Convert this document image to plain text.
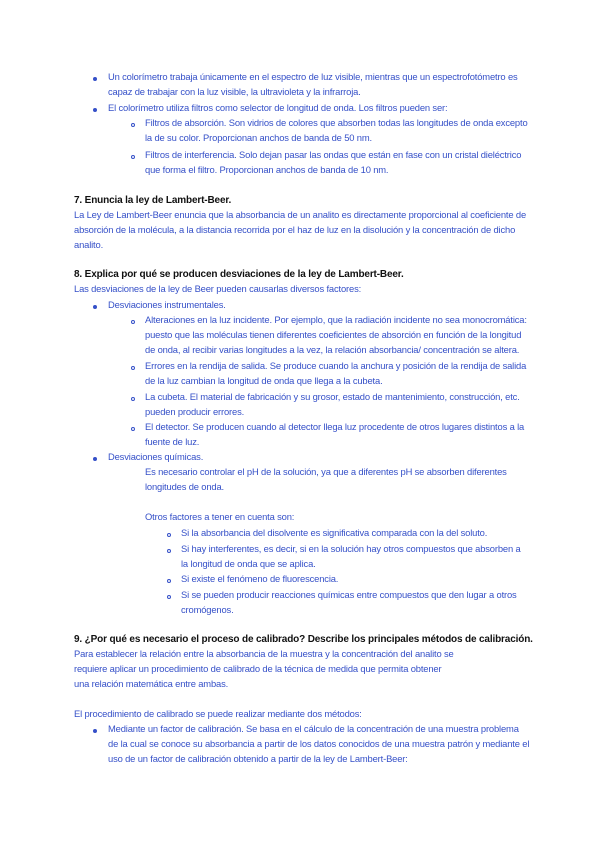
Un colorímetro trabaja únicamente en el espectro de luz visible, mientras que un espectrofotómetro es
capaz de trabajar con la luz visible, la ultravioleta y la infrarroja.
El colorímetro utiliza filtros como selector de longitud de onda. Los filtros pueden ser:
Filtros de absorción. Son vidrios de colores que absorben todas las longitudes de onda excepto
la de su color. Proporcionan anchos de banda de 50 nm.
Filtros de interferencia. Solo dejan pasar las ondas que están en fase con un cristal dieléctrico
que forma el filtro. Proporcionan anchos de banda de 10 nm.
7. Enuncia la ley de Lambert-Beer.
La Ley de Lambert-Beer enuncia que la absorbancia de un analito es directamente proporcional al coeficiente de
absorción de la molécula, a la distancia recorrida por el haz de luz en la disolución y la concentración de dicho
analito.
8. Explica por qué se producen desviaciones de la ley de Lambert-Beer.
Las desviaciones de la ley de Beer pueden causarlas diversos factores:
Desviaciones instrumentales.
Alteraciones en la luz incidente. Por ejemplo, que la radiación incidente no sea monocromática:
puesto que las moléculas tienen diferentes coeficientes de absorción en función de la longitud
de onda, al recibir varias longitudes a la vez, la relación absorbancia/ concentración se altera.
Errores en la rendija de salida. Se produce cuando la anchura y posición de la rendija de salida
de la luz cambian la longitud de onda que llega a la cubeta.
La cubeta. El material de fabricación y su grosor, estado de mantenimiento, construcción, etc.
pueden producir errores.
El detector. Se producen cuando al detector llega luz procedente de otros lugares distintos a la
fuente de luz.
Desviaciones químicas.
Es necesario controlar el pH de la solución, ya que a diferentes pH se absorben diferentes
longitudes de onda.
Otros factores a tener en cuenta son:
Si la absorbancia del disolvente es significativa comparada con la del soluto.
Si hay interferentes, es decir, si en la solución hay otros compuestos que absorben a
la longitud de onda que se aplica.
Si existe el fenómeno de fluorescencia.
Si se pueden producir reacciones químicas entre compuestos que den lugar a otros
cromógenos.
9. ¿Por qué es necesario el proceso de calibrado? Describe los principales métodos de calibración.
Para establecer la relación entre la absorbancia de la muestra y la concentración del analito se
requiere aplicar un procedimiento de calibrado de la técnica de medida que permita obtener
una relación matemática entre ambas.
El procedimiento de calibrado se puede realizar mediante dos métodos:
Mediante un factor de calibración. Se basa en el cálculo de la concentración de una muestra problema
de la cual se conoce su absorbancia a partir de los datos conocidos de una muestra patrón y mediante el
uso de un factor de calibración obtenido a partir de la ley de Lambert-Beer:
